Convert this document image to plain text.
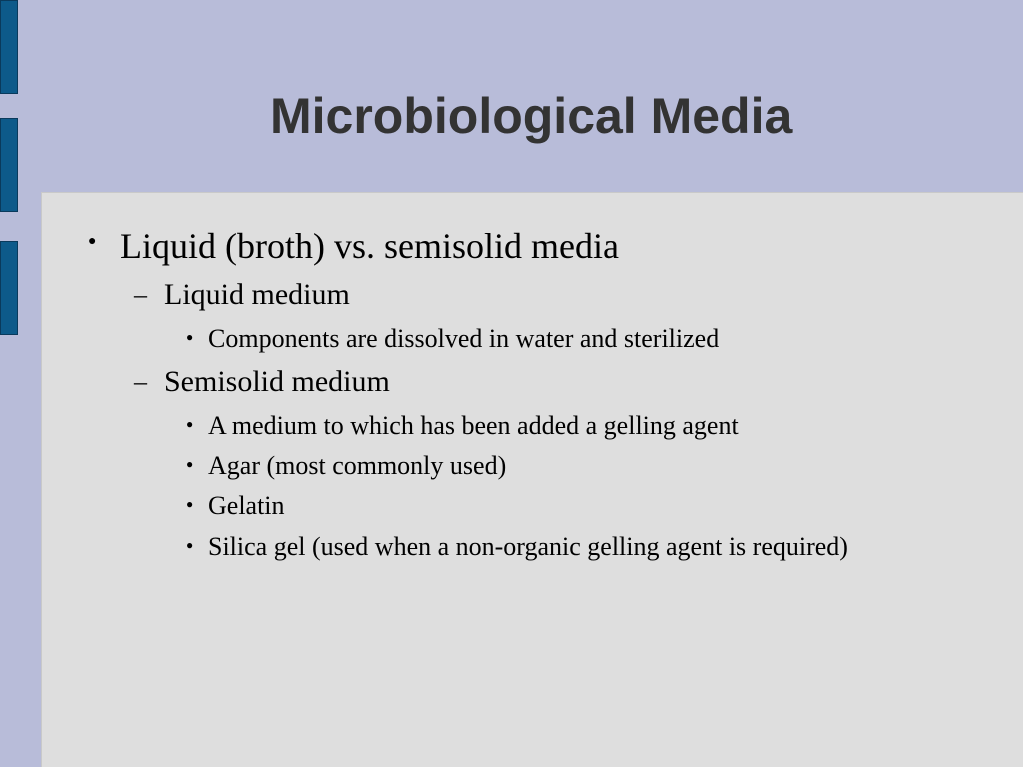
Microbiological Media
● Liquid (broth) vs. semisolid media
– Liquid medium
● Components are dissolved in water and sterilized
– Semisolid medium
● A medium to which has been added a gelling agent
● Agar (most commonly used)
● Gelatin
● Silica gel (used when a non-organic gelling agent is required)
